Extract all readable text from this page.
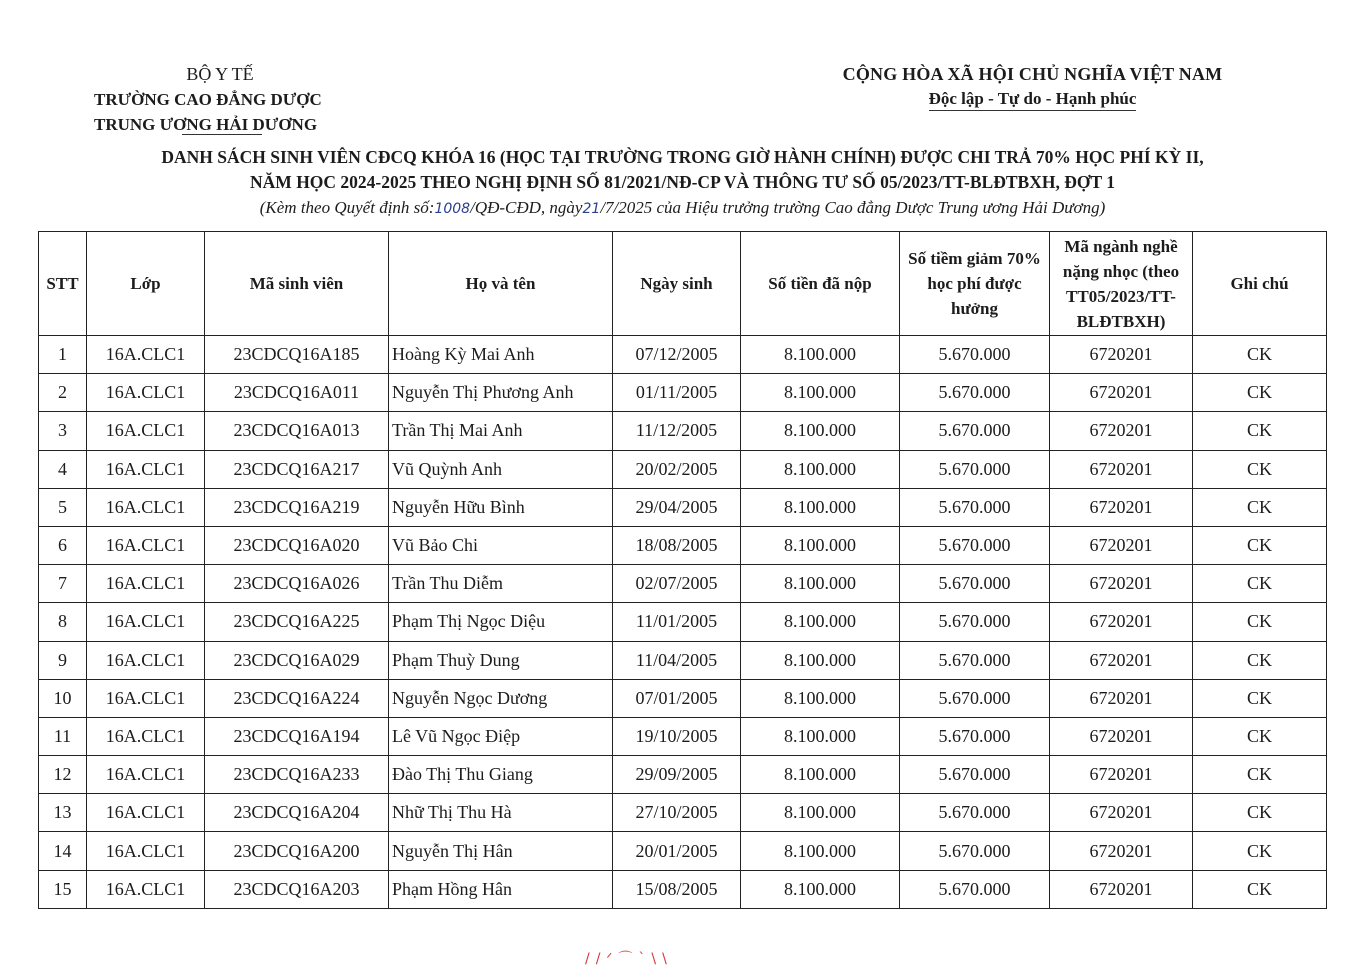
BỘ Y TẾ
TRƯỜNG CAO ĐẲNG DƯỢC
TRUNG ƯƠNG HẢI DƯƠNG
CỘNG HÒA XÃ HỘI CHỦ NGHĨA VIỆT NAM
Độc lập - Tự do - Hạnh phúc
DANH SÁCH SINH VIÊN CĐCQ KHÓA 16 (HỌC TẠI TRƯỜNG TRONG GIỜ HÀNH CHÍNH) ĐƯỢC CHI TRẢ 70% HỌC PHÍ KỲ II,
NĂM HỌC 2024-2025 THEO NGHỊ ĐỊNH SỐ 81/2021/NĐ-CP VÀ THÔNG TƯ SỐ 05/2023/TT-BLĐTBXH, ĐỢT 1
(Kèm theo Quyết định số:1008/QĐ-CĐD, ngày21/7/2025 của Hiệu trưởng trường Cao đẳng Dược Trung ương Hải Dương)
STT	Lớp	Mã sinh viên	Họ và tên	Ngày sinh	Số tiền đã nộp	Số tiềm giảm 70% học phí được hưởng	Mã ngành nghề nặng nhọc (theo TT05/2023/TT-BLĐTBXH)	Ghi chú
1	16A.CLC1	23CDCQ16A185	Hoàng Kỳ Mai Anh	07/12/2005	8.100.000	5.670.000	6720201	CK
2	16A.CLC1	23CDCQ16A011	Nguyễn Thị Phương Anh	01/11/2005	8.100.000	5.670.000	6720201	CK
3	16A.CLC1	23CDCQ16A013	Trần Thị Mai Anh	11/12/2005	8.100.000	5.670.000	6720201	CK
4	16A.CLC1	23CDCQ16A217	Vũ Quỳnh Anh	20/02/2005	8.100.000	5.670.000	6720201	CK
5	16A.CLC1	23CDCQ16A219	Nguyễn Hữu Bình	29/04/2005	8.100.000	5.670.000	6720201	CK
6	16A.CLC1	23CDCQ16A020	Vũ Bảo Chi	18/08/2005	8.100.000	5.670.000	6720201	CK
7	16A.CLC1	23CDCQ16A026	Trần Thu Diễm	02/07/2005	8.100.000	5.670.000	6720201	CK
8	16A.CLC1	23CDCQ16A225	Phạm Thị Ngọc Diệu	11/01/2005	8.100.000	5.670.000	6720201	CK
9	16A.CLC1	23CDCQ16A029	Phạm Thuỳ Dung	11/04/2005	8.100.000	5.670.000	6720201	CK
10	16A.CLC1	23CDCQ16A224	Nguyễn Ngọc Dương	07/01/2005	8.100.000	5.670.000	6720201	CK
11	16A.CLC1	23CDCQ16A194	Lê Vũ Ngọc Điệp	19/10/2005	8.100.000	5.670.000	6720201	CK
12	16A.CLC1	23CDCQ16A233	Đào Thị Thu Giang	29/09/2005	8.100.000	5.670.000	6720201	CK
13	16A.CLC1	23CDCQ16A204	Nhữ Thị Thu Hà	27/10/2005	8.100.000	5.670.000	6720201	CK
14	16A.CLC1	23CDCQ16A200	Nguyễn Thị Hân	20/01/2005	8.100.000	5.670.000	6720201	CK
15	16A.CLC1	23CDCQ16A203	Phạm Hồng Hân	15/08/2005	8.100.000	5.670.000	6720201	CK
//ᐟ⌒`\\
